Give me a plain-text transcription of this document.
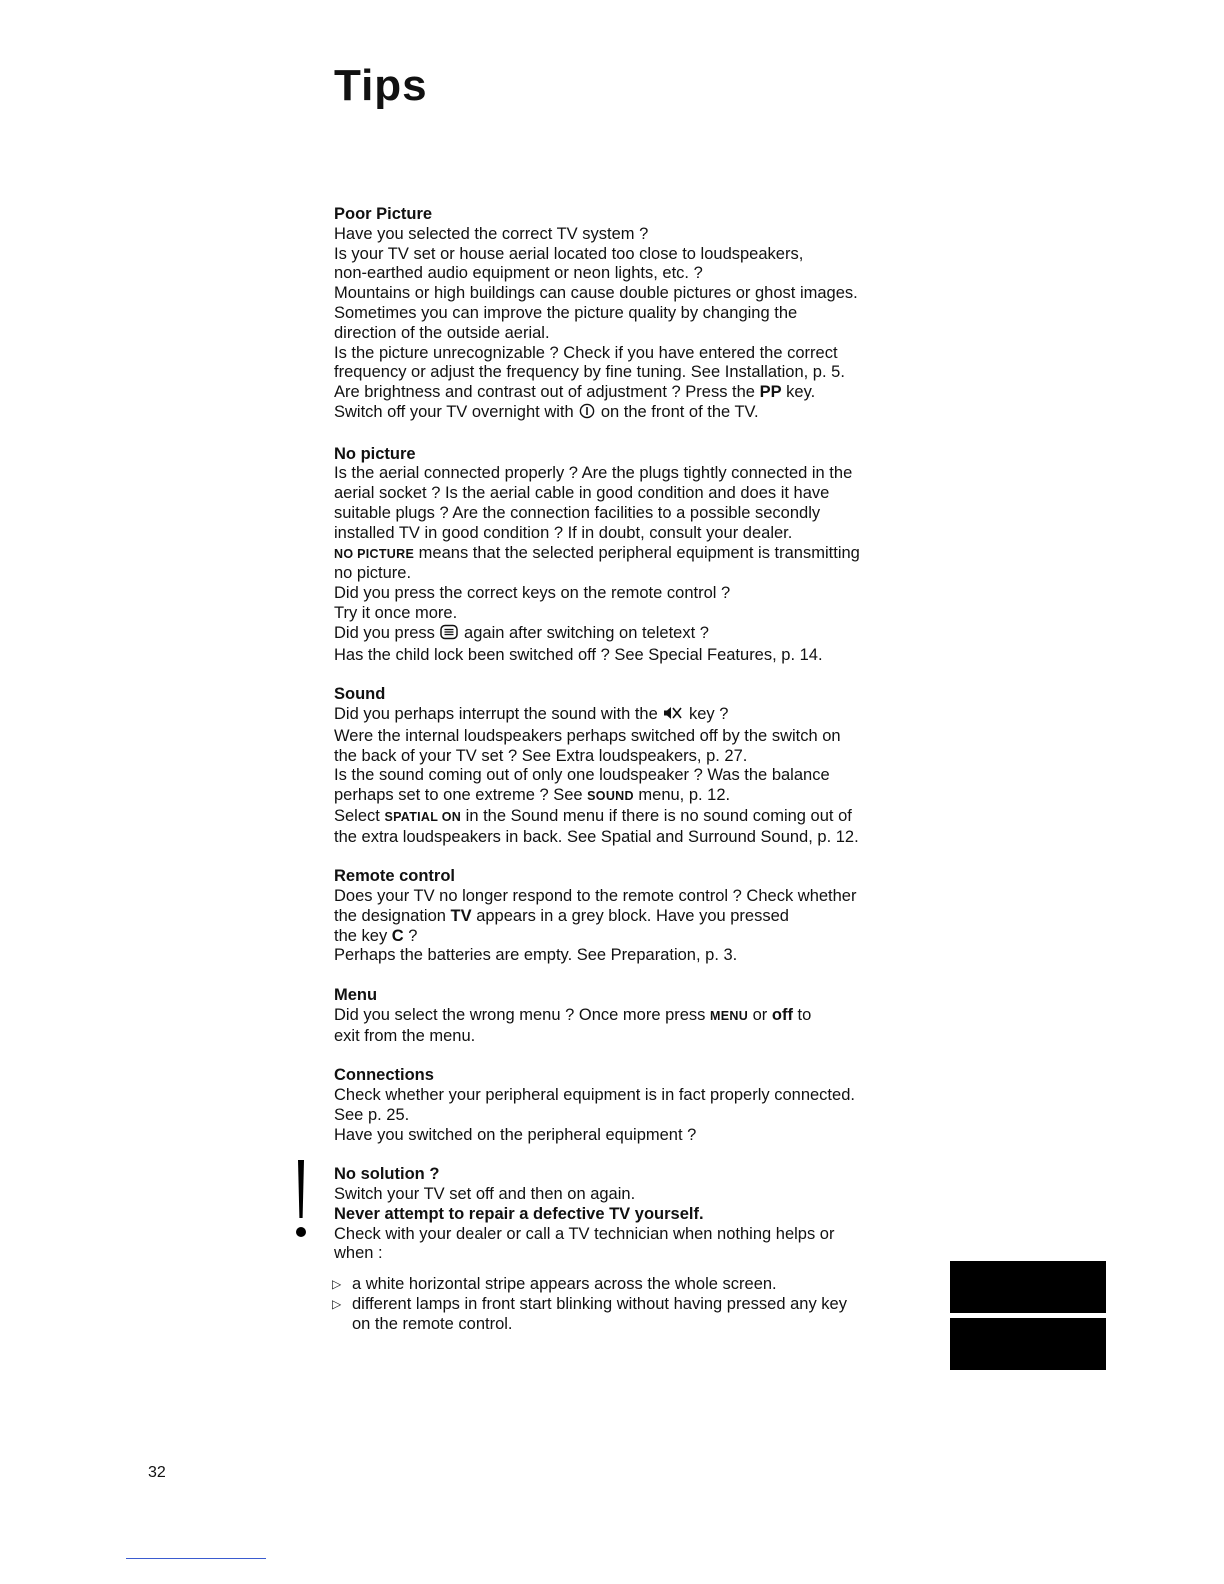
Tips
Poor Picture
Have you selected the correct TV system ?
Is your TV set or house aerial located too close to loudspeakers,
non-earthed audio equipment or neon lights, etc. ?
Mountains or high buildings can cause double pictures or ghost images.
Sometimes you can improve the picture quality by changing the
direction of the outside aerial.
Is the picture unrecognizable ? Check if you have entered the correct
frequency or adjust the frequency by fine tuning. See Installation, p. 5.
Are brightness and contrast out of adjustment ? Press the PP key.
Switch off your TV overnight with  on the front of the TV.
No picture
Is the aerial connected properly ? Are the plugs tightly connected in the
aerial socket ? Is the aerial cable in good condition and does it have
suitable plugs ? Are the connection facilities to a possible secondly
installed TV in good condition ? If in doubt, consult your dealer.
NO PICTURE means that the selected peripheral equipment is transmitting
no picture.
Did you press the correct keys on the remote control ?
Try it once more.
Did you press  again after switching on teletext ?
Has the child lock been switched off ? See Special Features, p. 14.
Sound
Did you perhaps interrupt the sound with the  key ?
Were the internal loudspeakers perhaps switched off by the switch on
the back of your TV set ? See Extra loudspeakers, p. 27.
Is the sound coming out of only one loudspeaker ? Was the balance
perhaps set to one extreme ? See SOUND menu, p. 12.
Select SPATIAL ON in the Sound menu if there is no sound coming out of
the extra loudspeakers in back. See Spatial and Surround Sound, p. 12.
Remote control
Does your TV no longer respond to the remote control ? Check whether
the designation TV appears in a grey block. Have you pressed
the key C ?
Perhaps the batteries are empty. See Preparation, p. 3.
Menu
Did you select the wrong menu ? Once more press MENU or off to
exit from the menu.
Connections
Check whether your peripheral equipment is in fact properly connected.
See p. 25.
Have you switched on the peripheral equipment ?
No solution ?
Switch your TV set off and then on again.
Never attempt to repair a defective TV yourself.
Check with your dealer or call a TV technician when nothing helps or
when :
▷ a white horizontal stripe appears across the whole screen.
▷ different lamps in front start blinking without having pressed any key
on the remote control.
32
